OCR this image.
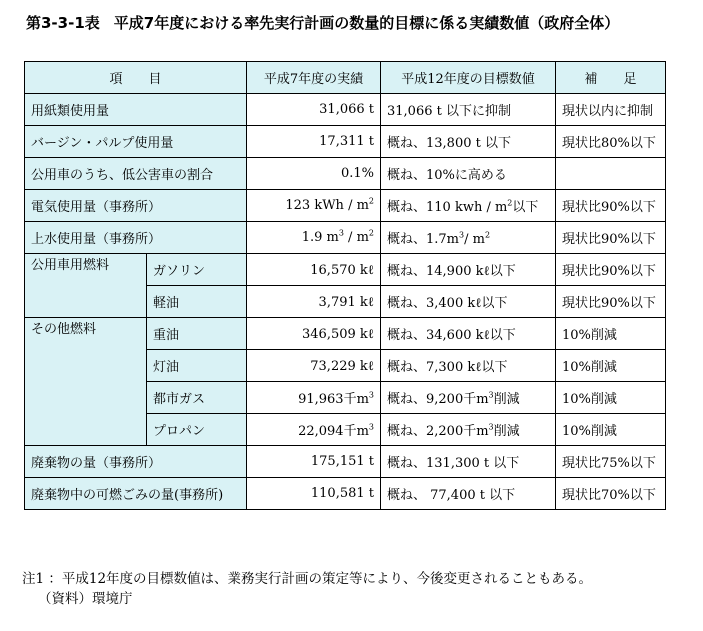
第3-3-1表 平成7年度における率先実行計画の数量的目標に係る実績数値（政府全体）
項　　目		平成7年度の実績	平成12年度の目標数値	補　　足
用紙類使用量		31,066 t	31,066 t 以下に抑制	現状以内に抑制
バージン・パルプ使用量		17,311 t	概ね、13,800 t 以下	現状比80%以下
公用車のうち、低公害車の割合		0.1%	概ね、10%に高める	
電気使用量（事務所）		123 kWh / $m^2$	概ね、110 kwh / $m^2$以下	現状比90%以下
上水使用量（事務所）		1.9 $m^3 / m^2$	概ね、$1.7m^3/$ $m^2$	現状比90%以下
公用車用燃料	ガソリン	16,570 kℓ	概ね、14,900 kℓ以下	現状比90%以下
	軽油	3,791 kℓ	概ね、3,400 kℓ以下	現状比90%以下
その他燃料	重油	346,509 kℓ	概ね、34,600 kℓ以下	10%削減
	灯油	73,229 kℓ	概ね、7,300 kℓ以下	10%削減
	都市ガス	91,963千$m^3$	概ね、9,200千$m^3$削減	10%削減
	プロパン	22,094千$m^3$	概ね、2,200千$m^3$削減	10%削減
廃棄物の量（事務所）		175,151 t	概ね、131,300 t 以下	現状比75%以下
廃棄物中の可燃ごみの量(事務所)		110,581 t	概ね、 77,400 t 以下	現状比70%以下
注1 ：平成12年度の目標数値は、業務実行計画の策定等により、今後変更されることもある。
（資料）環境庁
